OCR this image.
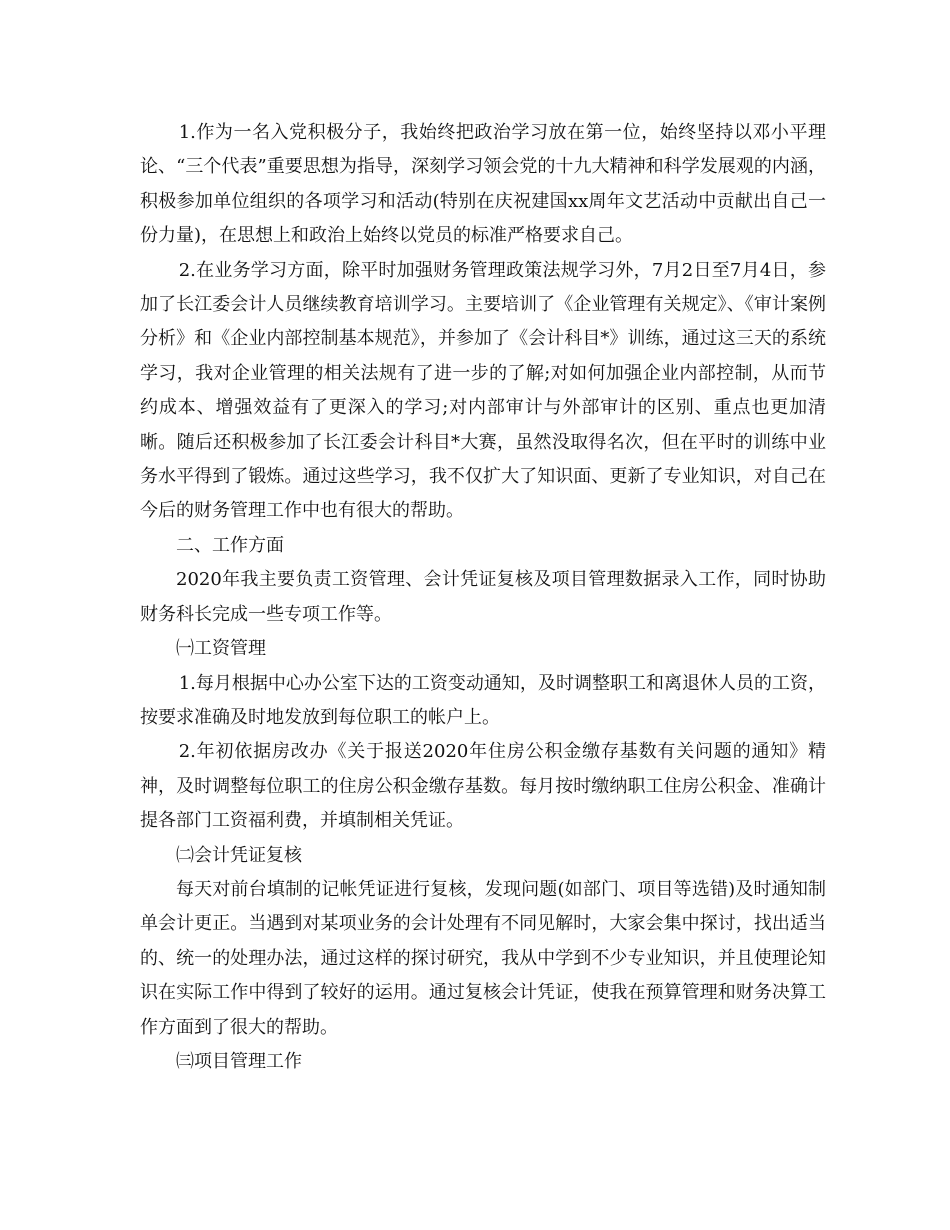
1.作为一名入党积极分子，我始终把政治学习放在第一位，始终坚持以邓小平理论、“三个代表”重要思想为指导，深刻学习领会党的十九大精神和科学发展观的内涵，积极参加单位组织的各项学习和活动(特别在庆祝建国xx周年文艺活动中贡献出自己一份力量)，在思想上和政治上始终以党员的标准严格要求自己。

2.在业务学习方面，除平时加强财务管理政策法规学习外，7月2日至7月4日，参加了长江委会计人员继续教育培训学习。主要培训了《企业管理有关规定》、《审计案例分析》和《企业内部控制基本规范》，并参加了《会计科目*》训练，通过这三天的系统学习，我对企业管理的相关法规有了进一步的了解;对如何加强企业内部控制，从而节约成本、增强效益有了更深入的学习;对内部审计与外部审计的区别、重点也更加清晰。随后还积极参加了长江委会计科目*大赛，虽然没取得名次，但在平时的训练中业务水平得到了锻炼。通过这些学习，我不仅扩大了知识面、更新了专业知识，对自己在今后的财务管理工作中也有很大的帮助。

二、工作方面

2020年我主要负责工资管理、会计凭证复核及项目管理数据录入工作，同时协助财务科长完成一些专项工作等。

㈠工资管理

1.每月根据中心办公室下达的工资变动通知，及时调整职工和离退休人员的工资，按要求准确及时地发放到每位职工的帐户上。

2.年初依据房改办《关于报送2020年住房公积金缴存基数有关问题的通知》精神，及时调整每位职工的住房公积金缴存基数。每月按时缴纳职工住房公积金、准确计提各部门工资福利费，并填制相关凭证。

㈡会计凭证复核

每天对前台填制的记帐凭证进行复核，发现问题(如部门、项目等选错)及时通知制单会计更正。当遇到对某项业务的会计处理有不同见解时，大家会集中探讨，找出适当的、统一的处理办法，通过这样的探讨研究，我从中学到不少专业知识，并且使理论知识在实际工作中得到了较好的运用。通过复核会计凭证，使我在预算管理和财务决算工作方面到了很大的帮助。

㈢项目管理工作
